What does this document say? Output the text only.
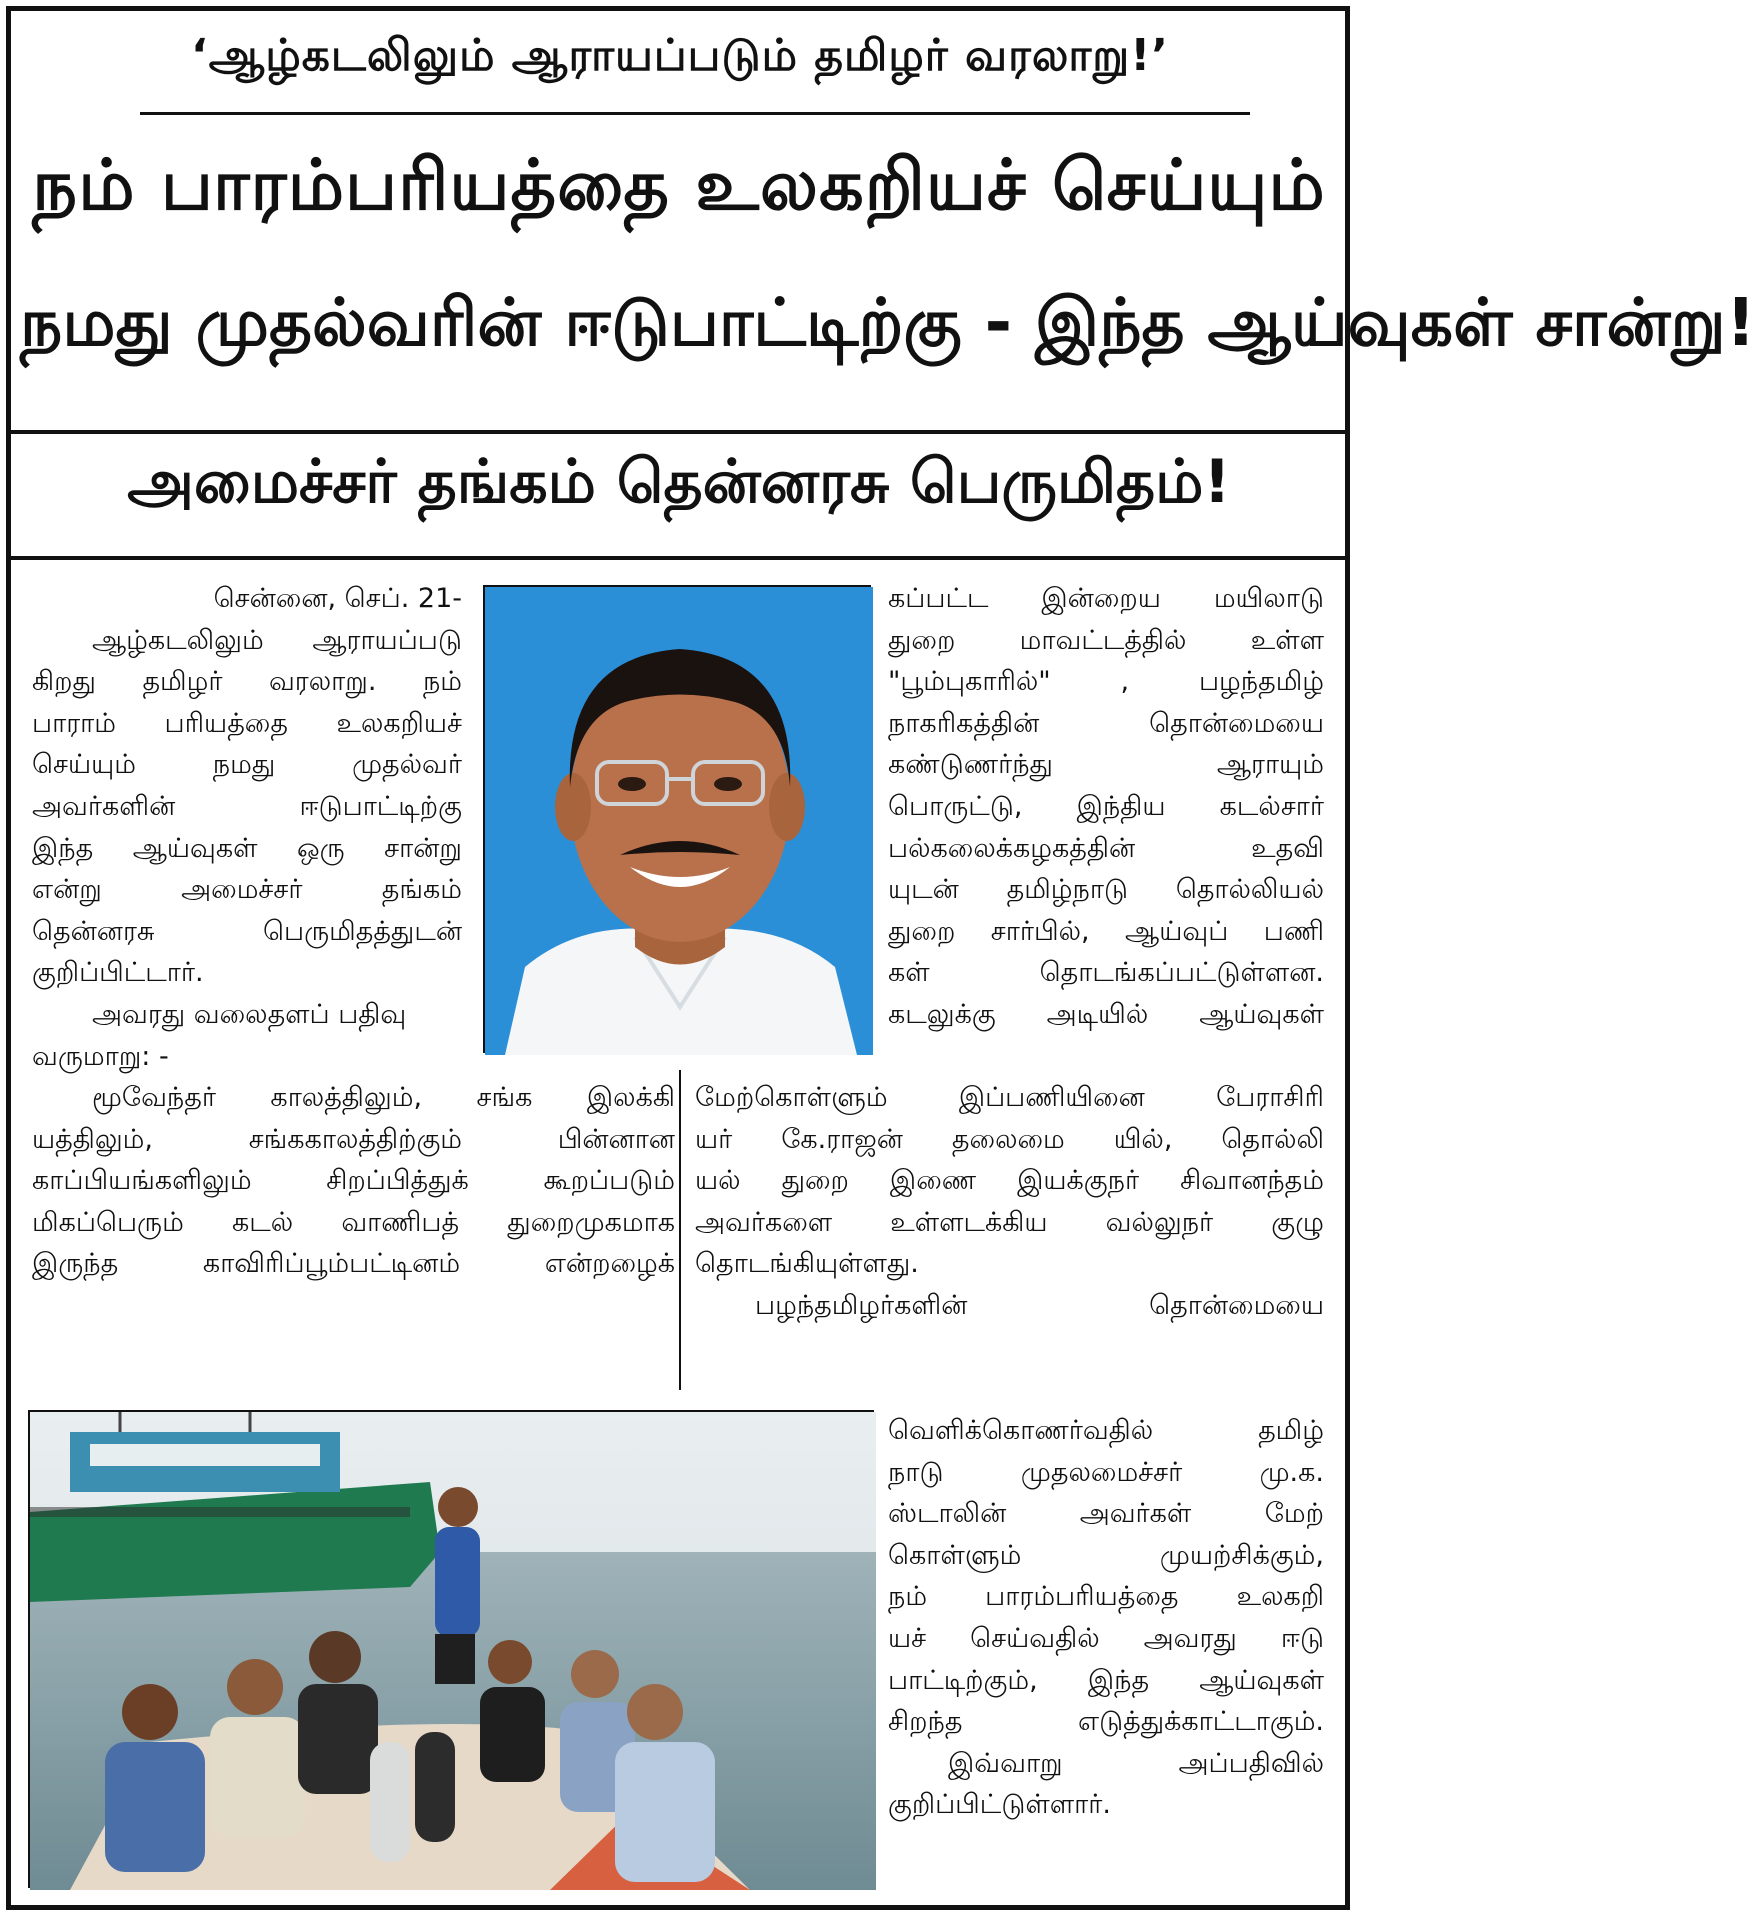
‘ஆழ்கடலிலும் ஆராயப்படும் தமிழர் வரலாறு!’
நம் பாரம்பரியத்தை உலகறியச் செய்யும்
நமது முதல்வரின் ஈடுபாட்டிற்கு - இந்த ஆய்வுகள் சான்று!
அமைச்சர் தங்கம் தென்னரசு பெருமிதம்!

சென்னை, செப். 21-

ஆழ்கடலிலும் ஆராயப்படு

கிறது தமிழர் வரலாறு. நம்

பாராம் பரியத்தை உலகறியச்

செய்யும் நமது முதல்வர்

அவர்களின் ஈடுபாட்டிற்கு

இந்த ஆய்வுகள் ஒரு சான்று

என்று அமைச்சர் தங்கம்

தென்னரசு பெருமிதத்துடன்

குறிப்பிட்டார்.

அவரது வலைதளப் பதிவு

வருமாறு: -

மூவேந்தர் காலத்திலும், சங்க இலக்கி

யத்திலும், சங்ககாலத்திற்கும் பின்னான

காப்பியங்களிலும் சிறப்பித்துக் கூறப்படும்

மிகப்பெரும் கடல் வாணிபத் துறைமுகமாக

இருந்த காவிரிப்பூம்பட்டினம் என்றழைக்

கப்பட்ட இன்றைய மயிலாடு

துறை மாவட்டத்தில் உள்ள

"பூம்புகாரில்" , பழந்தமிழ்

நாகரிகத்தின் தொன்மையை

கண்டுணர்ந்து ஆராயும்

பொருட்டு, இந்திய கடல்சார்

பல்கலைக்கழகத்தின் உதவி

யுடன் தமிழ்நாடு தொல்லியல்

துறை சார்பில், ஆய்வுப் பணி

கள் தொடங்கப்பட்டுள்ளன.

கடலுக்கு அடியில் ஆய்வுகள்

மேற்கொள்ளும் இப்பணியினை பேராசிரி

யர் கே.ராஜன் தலைமை யில், தொல்லி

யல் துறை இணை இயக்குநர் சிவானந்தம்

அவர்களை உள்ளடக்கிய வல்லுநர் குழு

தொடங்கியுள்ளது.

பழந்தமிழர்களின் தொன்மையை

வெளிக்கொணர்வதில் தமிழ்

நாடு முதலமைச்சர் மு.க.

ஸ்டாலின் அவர்கள் மேற்

கொள்ளும் முயற்சிக்கும்,

நம் பாரம்பரியத்தை உலகறி

யச் செய்வதில் அவரது ஈடு

பாட்டிற்கும், இந்த ஆய்வுகள்

சிறந்த எடுத்துக்காட்டாகும்.

இவ்வாறு அப்பதிவில்

குறிப்பிட்டுள்ளார்.
